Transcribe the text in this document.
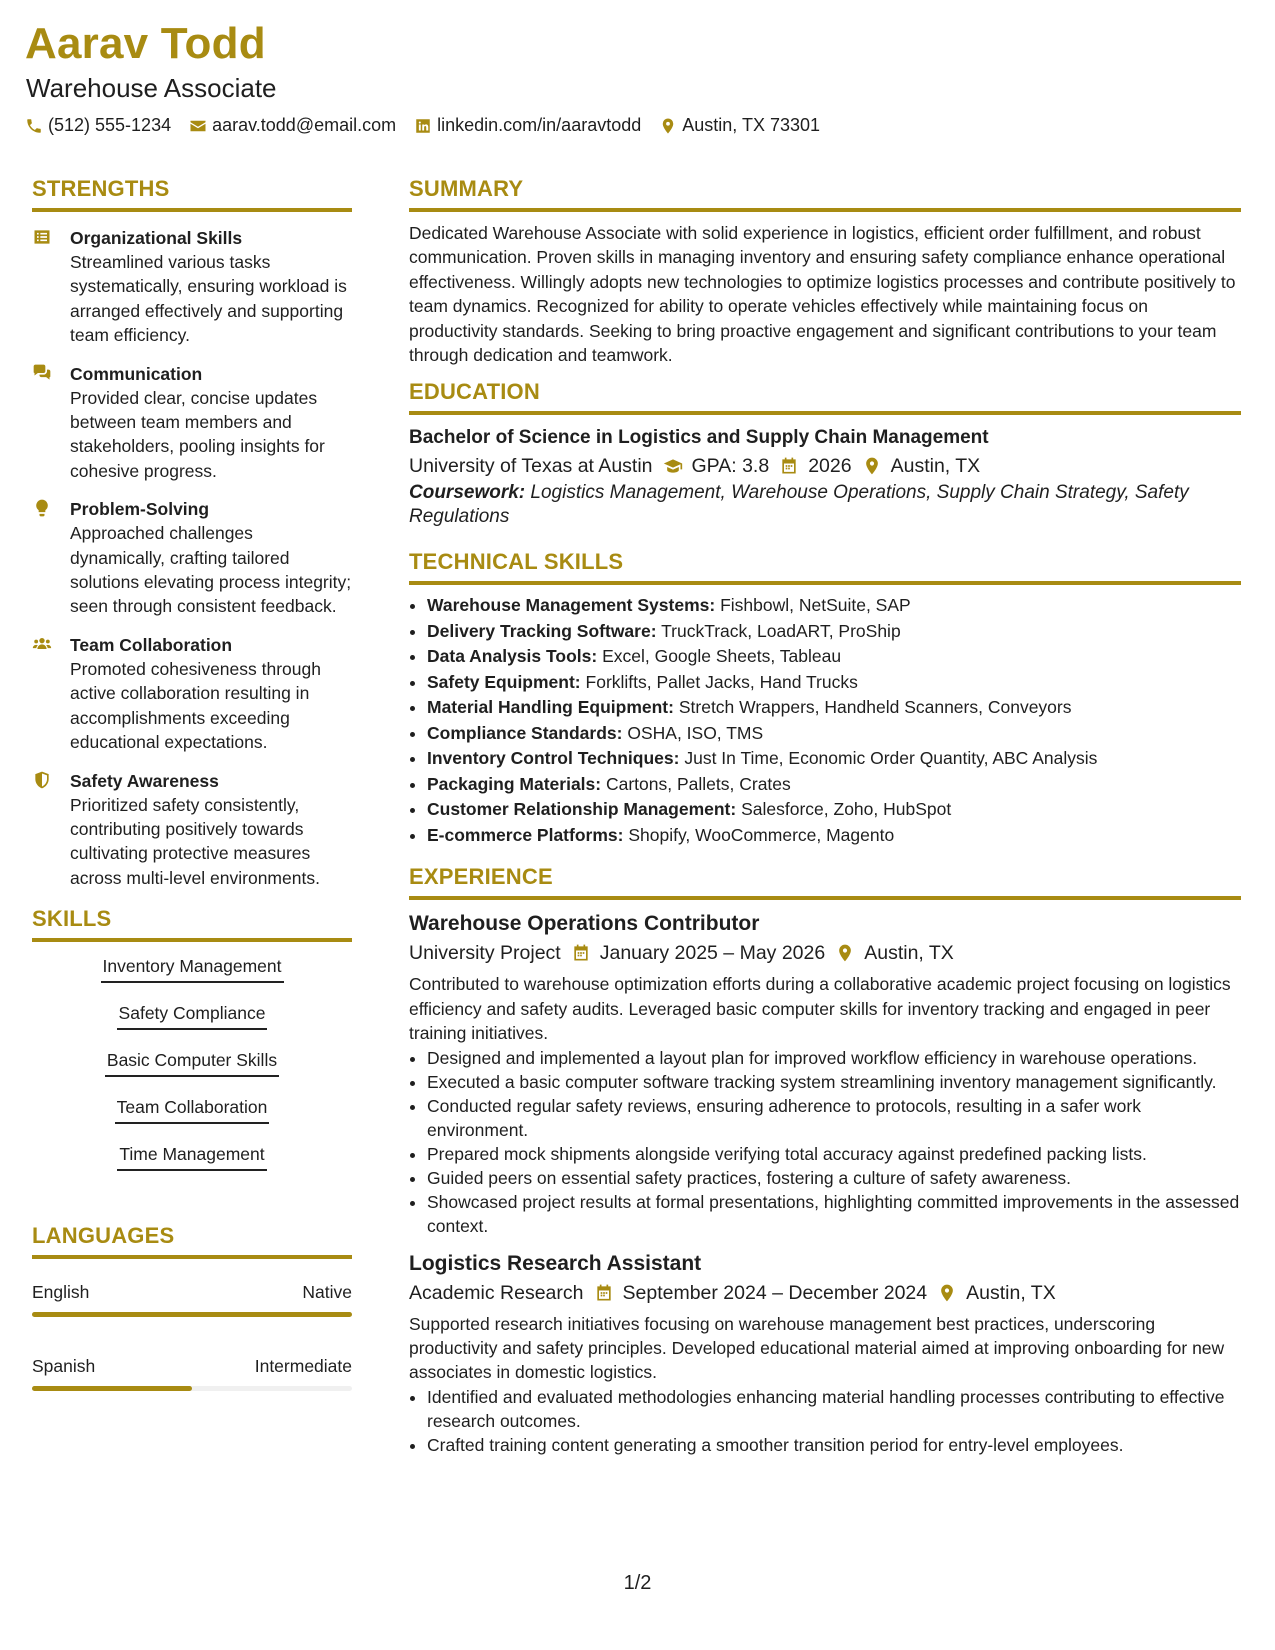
Aarav Todd
Warehouse Associate
(512) 555-1234 aarav.todd@email.com linkedin.com/in/aaravtodd Austin, TX 73301
STRENGTHS
Organizational Skills
Streamlined various tasks systematically, ensuring workload is arranged effectively and supporting team efficiency.
Communication
Provided clear, concise updates between team members and stakeholders, pooling insights for cohesive progress.
Problem-Solving
Approached challenges dynamically, crafting tailored solutions elevating process integrity; seen through consistent feedback.
Team Collaboration
Promoted cohesiveness through active collaboration resulting in accomplishments exceeding educational expectations.
Safety Awareness
Prioritized safety consistently, contributing positively towards cultivating protective measures across multi-level environments.
SKILLS
Inventory Management
Safety Compliance
Basic Computer Skills
Team Collaboration
Time Management
LANGUAGES
English	Native
Spanish	Intermediate
SUMMARY
Dedicated Warehouse Associate with solid experience in logistics, efficient order fulfillment, and robust communication. Proven skills in managing inventory and ensuring safety compliance enhance operational effectiveness. Willingly adopts new technologies to optimize logistics processes and contribute positively to team dynamics. Recognized for ability to operate vehicles effectively while maintaining focus on productivity standards. Seeking to bring proactive engagement and significant contributions to your team through dedication and teamwork.
EDUCATION
Bachelor of Science in Logistics and Supply Chain Management
University of Texas at Austin GPA: 3.8 2026 Austin, TX
Coursework: Logistics Management, Warehouse Operations, Supply Chain Strategy, Safety Regulations
TECHNICAL SKILLS
• Warehouse Management Systems: Fishbowl, NetSuite, SAP
• Delivery Tracking Software: TruckTrack, LoadART, ProShip
• Data Analysis Tools: Excel, Google Sheets, Tableau
• Safety Equipment: Forklifts, Pallet Jacks, Hand Trucks
• Material Handling Equipment: Stretch Wrappers, Handheld Scanners, Conveyors
• Compliance Standards: OSHA, ISO, TMS
• Inventory Control Techniques: Just In Time, Economic Order Quantity, ABC Analysis
• Packaging Materials: Cartons, Pallets, Crates
• Customer Relationship Management: Salesforce, Zoho, HubSpot
• E-commerce Platforms: Shopify, WooCommerce, Magento
EXPERIENCE
Warehouse Operations Contributor
University Project January 2025 – May 2026 Austin, TX
Contributed to warehouse optimization efforts during a collaborative academic project focusing on logistics efficiency and safety audits. Leveraged basic computer skills for inventory tracking and engaged in peer training initiatives.
• Designed and implemented a layout plan for improved workflow efficiency in warehouse operations.
• Executed a basic computer software tracking system streamlining inventory management significantly.
• Conducted regular safety reviews, ensuring adherence to protocols, resulting in a safer work environment.
• Prepared mock shipments alongside verifying total accuracy against predefined packing lists.
• Guided peers on essential safety practices, fostering a culture of safety awareness.
• Showcased project results at formal presentations, highlighting committed improvements in the assessed context.
Logistics Research Assistant
Academic Research September 2024 – December 2024 Austin, TX
Supported research initiatives focusing on warehouse management best practices, underscoring productivity and safety principles. Developed educational material aimed at improving onboarding for new associates in domestic logistics.
• Identified and evaluated methodologies enhancing material handling processes contributing to effective research outcomes.
• Crafted training content generating a smoother transition period for entry-level employees.
1/2
